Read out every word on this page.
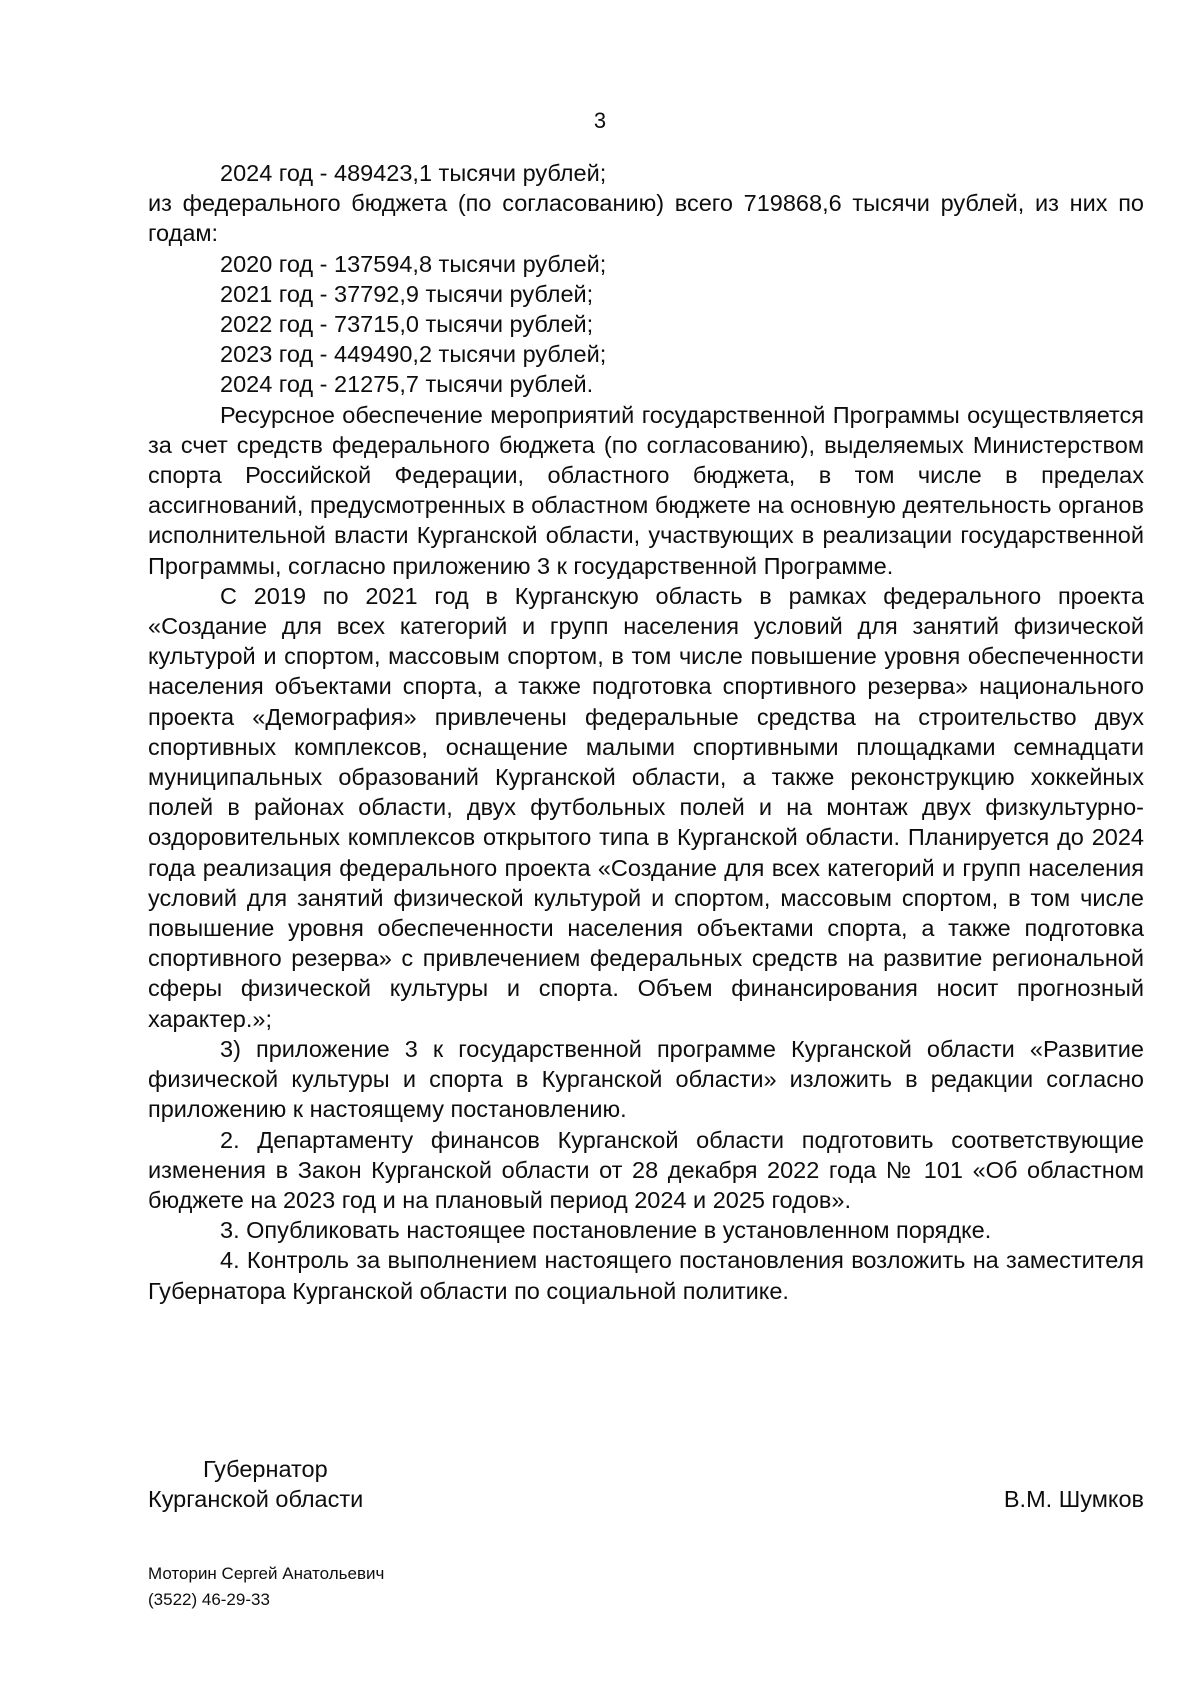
3
2024 год - 489423,1 тысячи рублей;

из федерального бюджета (по согласованию) всего 719868,6 тысячи рублей, из них по годам:

2020 год - 137594,8 тысячи рублей;
2021 год - 37792,9 тысячи рублей;
2022 год - 73715,0 тысячи рублей;
2023 год - 449490,2 тысячи рублей;
2024 год - 21275,7 тысячи рублей.

Ресурсное обеспечение мероприятий государственной Программы осуществляется за счет средств федерального бюджета (по согласованию), выделяемых Министерством спорта Российской Федерации, областного бюджета, в том числе в пределах ассигнований, предусмотренных в областном бюджете на основную деятельность органов исполнительной власти Курганской области, участвующих в реализации государственной Программы, согласно приложению 3 к государственной Программе.

С 2019 по 2021 год в Курганскую область в рамках федерального проекта «Создание для всех категорий и групп населения условий для занятий физической культурой и спортом, массовым спортом, в том числе повышение уровня обеспеченности населения объектами спорта, а также подготовка спортивного резерва» национального проекта «Демография» привлечены федеральные средства на строительство двух спортивных комплексов, оснащение малыми спортивными площадками семнадцати муниципальных образований Курганской области, а также реконструкцию хоккейных полей в районах области, двух футбольных полей и на монтаж двух физкультурно-оздоровительных комплексов открытого типа в Курганской области. Планируется до 2024 года реализация федерального проекта «Создание для всех категорий и групп населения условий для занятий физической культурой и спортом, массовым спортом, в том числе повышение уровня обеспеченности населения объектами спорта, а также подготовка спортивного резерва» с привлечением федеральных средств на развитие региональной сферы физической культуры и спорта. Объем финансирования носит прогнозный характер.»;

3) приложение 3 к государственной программе Курганской области «Развитие физической культуры и спорта в Курганской области» изложить в редакции согласно приложению к настоящему постановлению.

2. Департаменту финансов Курганской области подготовить соответствующие изменения в Закон Курганской области от 28 декабря 2022 года № 101 «Об областном бюджете на 2023 год и на плановый период 2024 и 2025 годов».

3. Опубликовать настоящее постановление в установленном порядке.

4. Контроль за выполнением настоящего постановления возложить на заместителя Губернатора Курганской области по социальной политике.

Губернатор
Курганской области	В.М. Шумков
Моторин Сергей Анатольевич
(3522) 46-29-33
